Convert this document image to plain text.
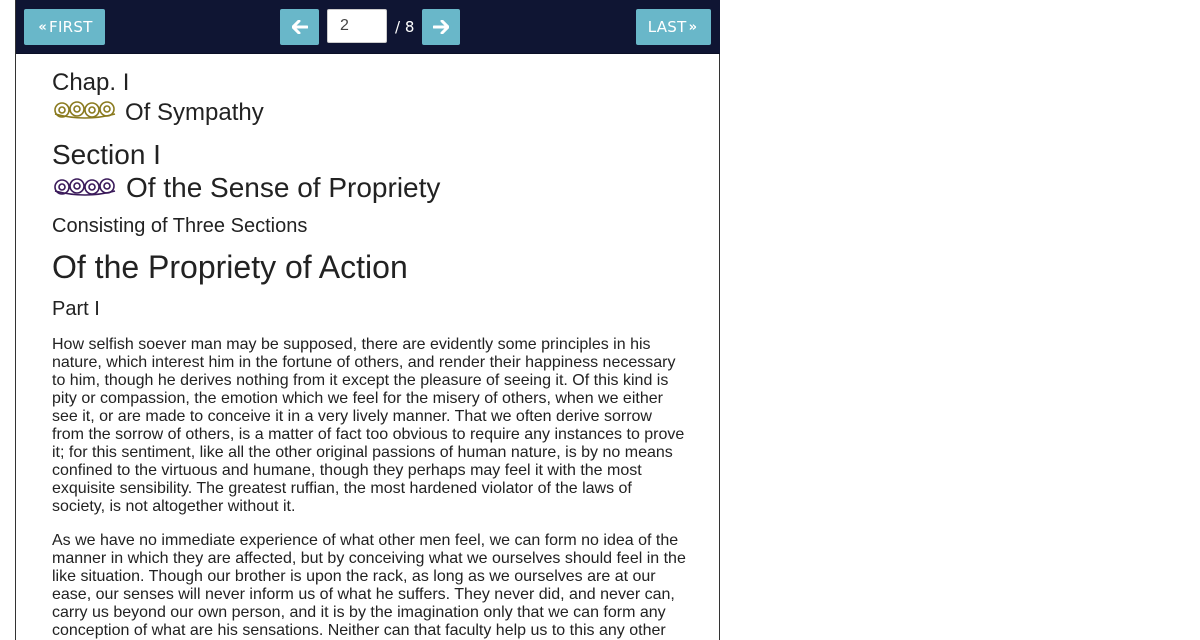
« FIRST
2	/ 8	LAST »
Chap. I
Of Sympathy
Section I
Of the Sense of Propriety
Consisting of Three Sections
Of the Propriety of Action
Part I

How selfish soever man may be supposed, there are evidently some principles in his nature, which interest him in the fortune of others, and render their happiness necessary to him, though he derives nothing from it except the pleasure of seeing it. Of this kind is pity or compassion, the emotion which we feel for the misery of others, when we either see it, or are made to conceive it in a very lively manner. That we often derive sorrow from the sorrow of others, is a matter of fact too obvious to require any instances to prove it; for this sentiment, like all the other original passions of human nature, is by no means confined to the virtuous and humane, though they perhaps may feel it with the most exquisite sensibility. The greatest ruffian, the most hardened violator of the laws of society, is not altogether without it.

As we have no immediate experience of what other men feel, we can form no idea of the manner in which they are affected, but by conceiving what we ourselves should feel in the like situation. Though our brother is upon the rack, as long as we ourselves are at our ease, our senses will never inform us of what he suffers. They never did, and never can, carry us beyond our own person, and it is by the imagination only that we can form any conception of what are his sensations. Neither can that faculty help us to this any other
